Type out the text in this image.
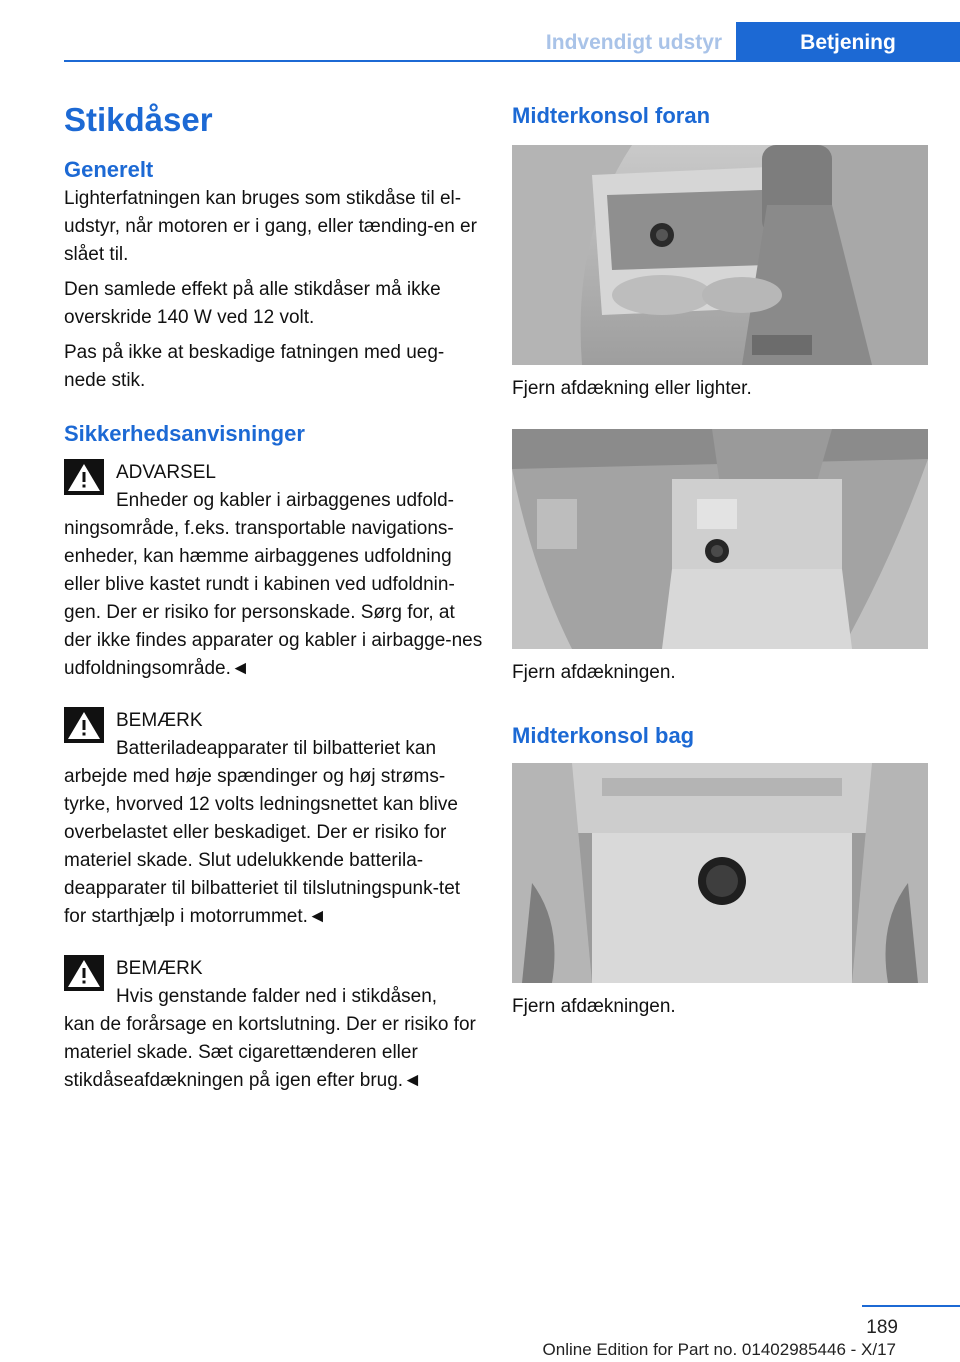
Indvendigt udstyr	Betjening
Stikdåser
Generelt

Lighterfatningen kan bruges som stikdåse til el-udstyr, når motoren er i gang, eller tænding-en er slået til.

Den samlede effekt på alle stikdåser må ikke overskride 140 W ved 12 volt.

Pas på ikke at beskadige fatningen med ueg-nede stik.

Sikkerhedsanvisninger

ADVARSEL

Enheder og kabler i airbaggenes udfold-

ningsområde, f.eks. transportable navigations-enheder, kan hæmme airbaggenes udfoldning eller blive kastet rundt i kabinen ved udfoldnin-gen. Der er risiko for personskade. Sørg for, at der ikke findes apparater og kabler i airbagge-nes udfoldningsområde.◄

BEMÆRK

Batteriladeapparater til bilbatteriet kan

arbejde med høje spændinger og høj strøms-tyrke, hvorved 12 volts ledningsnettet kan blive overbelastet eller beskadiget. Der er risiko for materiel skade. Slut udelukkende batterila-deapparater til bilbatteriet til tilslutningspunk-tet for starthjælp i motorrummet.◄

BEMÆRK

Hvis genstande falder ned i stikdåsen,

kan de forårsage en kortslutning. Der er risiko for materiel skade. Sæt cigarettænderen eller stikdåseafdækningen på igen efter brug.◄

Midterkonsol foran

Fjern afdækning eller lighter.

Fjern afdækningen.

Midterkonsol bag

Fjern afdækningen.

189
Online Edition for Part no. 01402985446 - X/17
